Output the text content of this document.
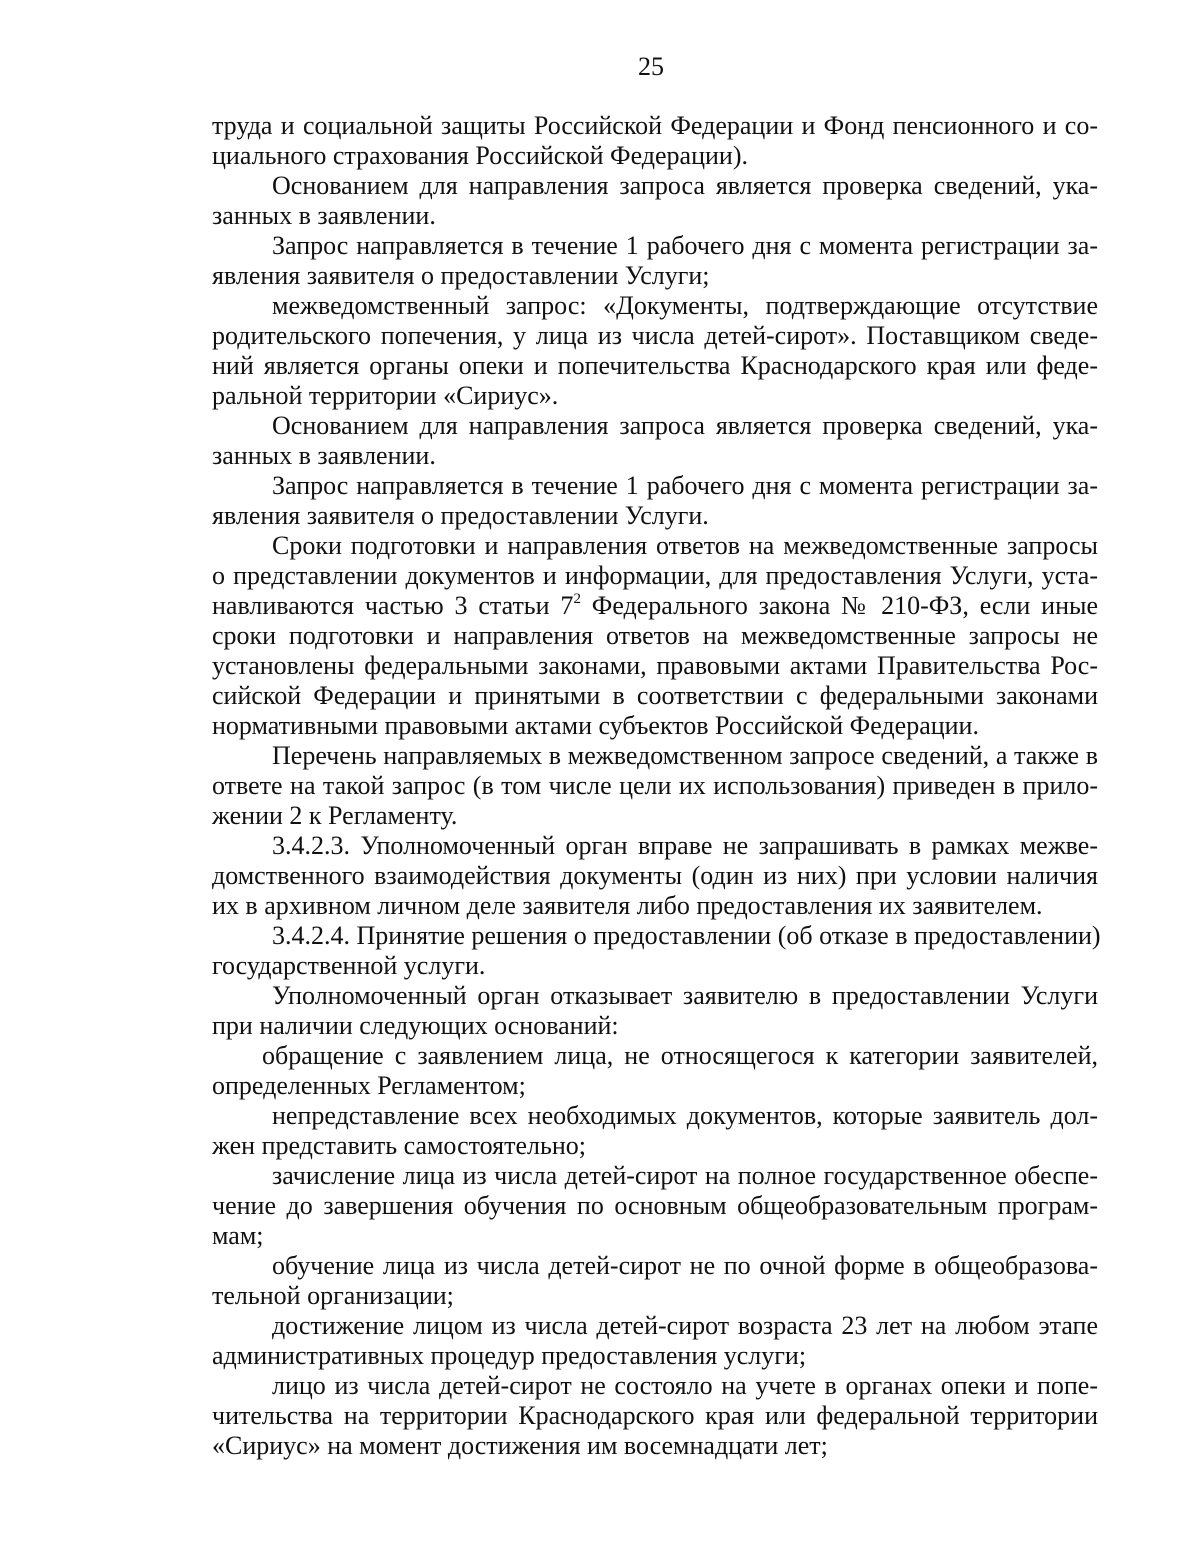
25
труда и социальной защиты Российской Федерации и Фонд пенсионного и со-
циального страхования Российской Федерации).
Основанием для направления запроса является проверка сведений, ука-
занных в заявлении.
Запрос направляется в течение 1 рабочего дня с момента регистрации за-
явления заявителя о предоставлении Услуги;
межведомственный запрос: «Документы, подтверждающие отсутствие
родительского попечения, у лица из числа детей-сирот». Поставщиком сведе-
ний является органы опеки и попечительства Краснодарского края или феде-
ральной территории «Сириус».
Основанием для направления запроса является проверка сведений, ука-
занных в заявлении.
Запрос направляется в течение 1 рабочего дня с момента регистрации за-
явления заявителя о предоставлении Услуги.
Сроки подготовки и направления ответов на межведомственные запросы
о представлении документов и информации, для предоставления Услуги, уста-
навливаются частью 3 статьи $7^2$ Федерального закона № 210-ФЗ, если иные
сроки подготовки и направления ответов на межведомственные запросы не
установлены федеральными законами, правовыми актами Правительства Рос-
сийской Федерации и принятыми в соответствии с федеральными законами
нормативными правовыми актами субъектов Российской Федерации.
Перечень направляемых в межведомственном запросе сведений, а также в
ответе на такой запрос (в том числе цели их использования) приведен в прило-
жении 2 к Регламенту.
3.4.2.3. Уполномоченный орган вправе не запрашивать в рамках межве-
домственного взаимодействия документы (один из них) при условии наличия
их в архивном личном деле заявителя либо предоставления их заявителем.
3.4.2.4. Принятие решения о предоставлении (об отказе в предоставлении)
государственной услуги.
Уполномоченный орган отказывает заявителю в предоставлении Услуги
при наличии следующих оснований:
обращение с заявлением лица, не относящегося к категории заявителей,
определенных Регламентом;
непредставление всех необходимых документов, которые заявитель дол-
жен представить самостоятельно;
зачисление лица из числа детей-сирот на полное государственное обеспе-
чение до завершения обучения по основным общеобразовательным програм-
мам;
обучение лица из числа детей-сирот не по очной форме в общеобразова-
тельной организации;
достижение лицом из числа детей-сирот возраста 23 лет на любом этапе
административных процедур предоставления услуги;
лицо из числа детей-сирот не состояло на учете в органах опеки и попе-
чительства на территории Краснодарского края или федеральной территории
«Сириус» на момент достижения им восемнадцати лет;
